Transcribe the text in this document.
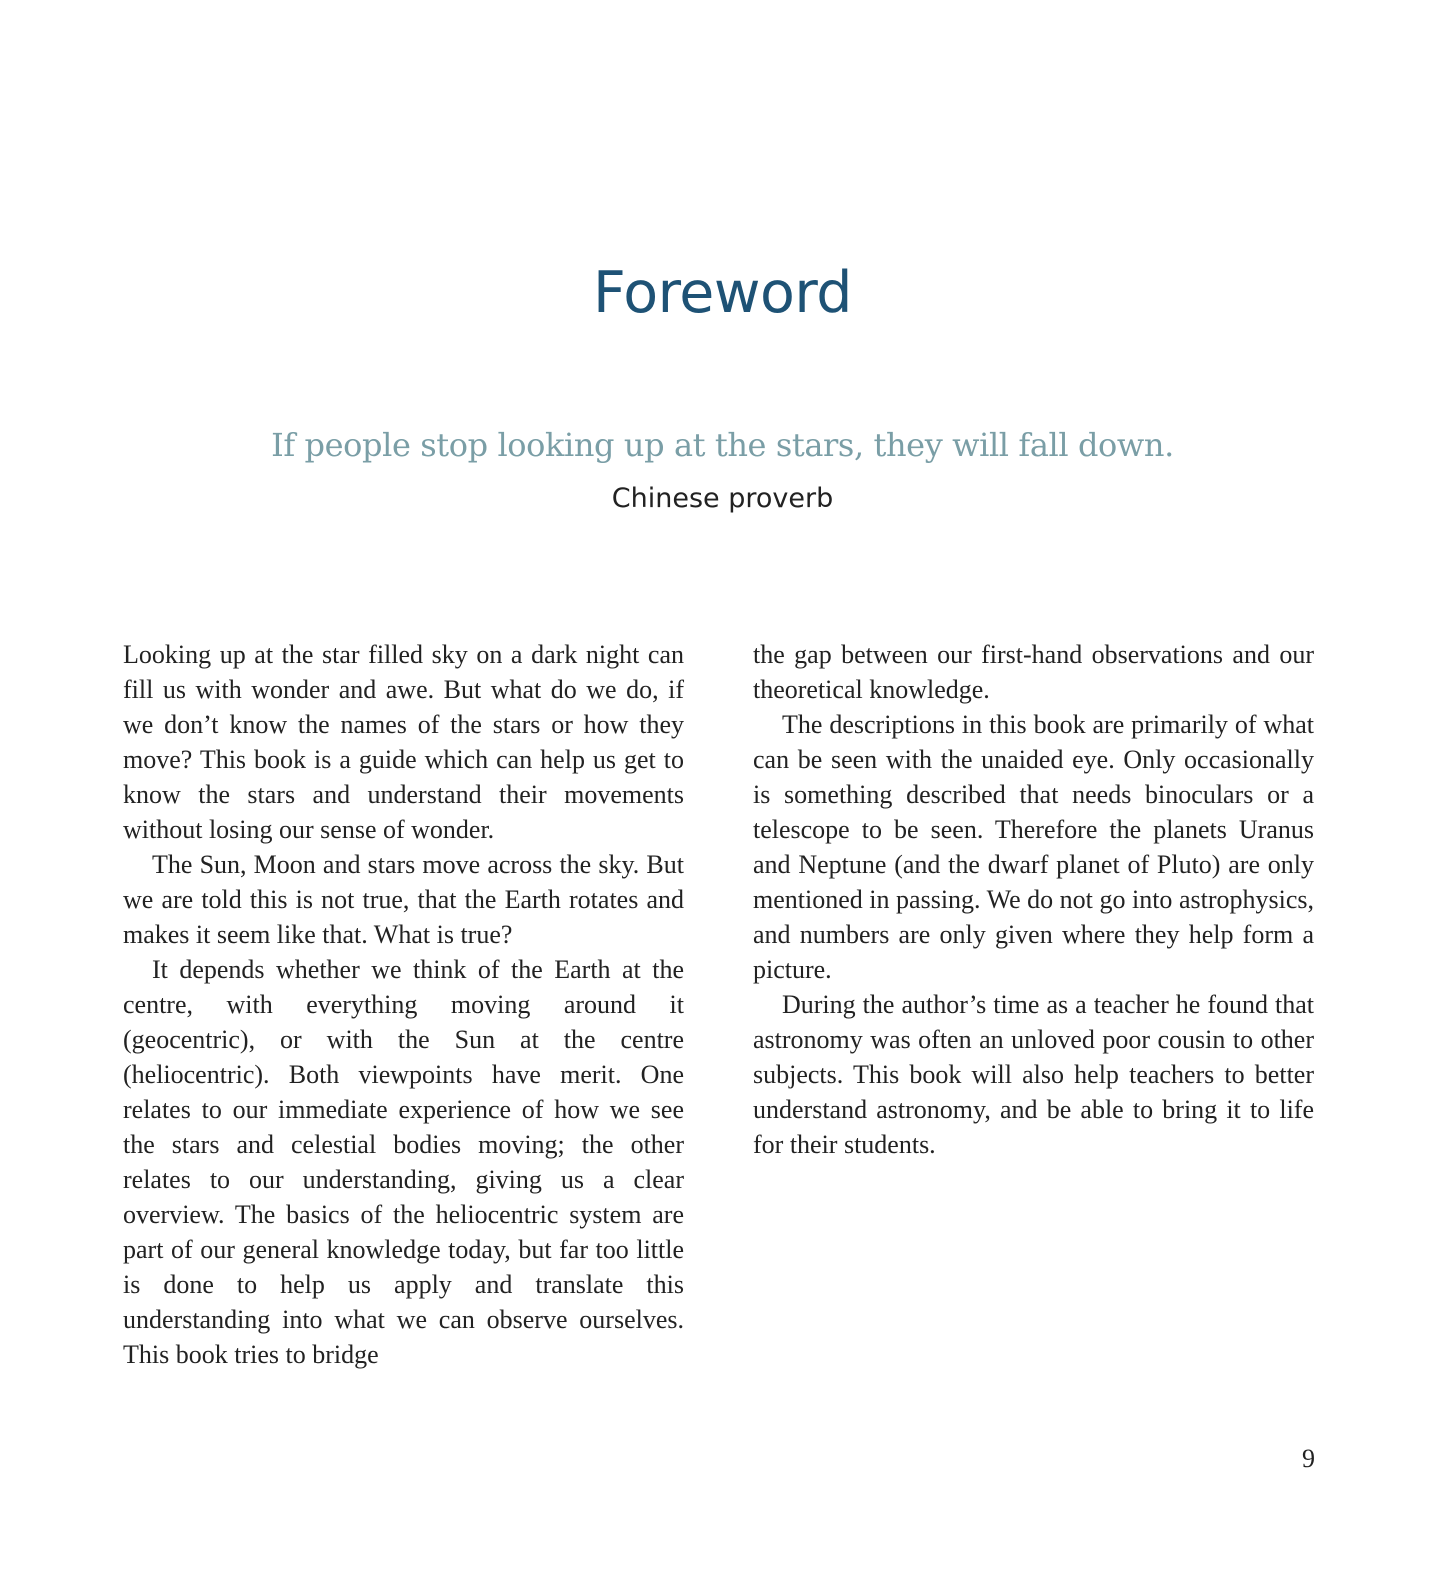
Foreword
If people stop looking up at the stars, they will fall down.
Chinese proverb

Looking up at the star filled sky on a dark night can fill us with wonder and awe. But what do we do, if we don’t know the names of the stars or how they move? This book is a guide which can help us get to know the stars and understand their movements without losing our sense of wonder.

The Sun, Moon and stars move across the sky. But we are told this is not true, that the Earth rotates and makes it seem like that. What is true?

It depends whether we think of the Earth at the centre, with everything moving around it (geocentric), or with the Sun at the centre (heliocentric). Both viewpoints have merit. One relates to our immediate experience of how we see the stars and celestial bodies moving; the other relates to our understanding, giving us a clear overview. The basics of the heliocentric system are part of our general knowledge today, but far too little is done to help us apply and translate this understanding into what we can observe ourselves. This book tries to bridge

the gap between our first-hand observations and our theoretical knowledge.

The descriptions in this book are primarily of what can be seen with the unaided eye. Only occasionally is something described that needs binoculars or a telescope to be seen. Therefore the planets Uranus and Neptune (and the dwarf planet of Pluto) are only mentioned in passing. We do not go into astrophysics, and numbers are only given where they help form a picture.

During the author’s time as a teacher he found that astronomy was often an unloved poor cousin to other subjects. This book will also help teachers to better understand astronomy, and be able to bring it to life for their students.

9
